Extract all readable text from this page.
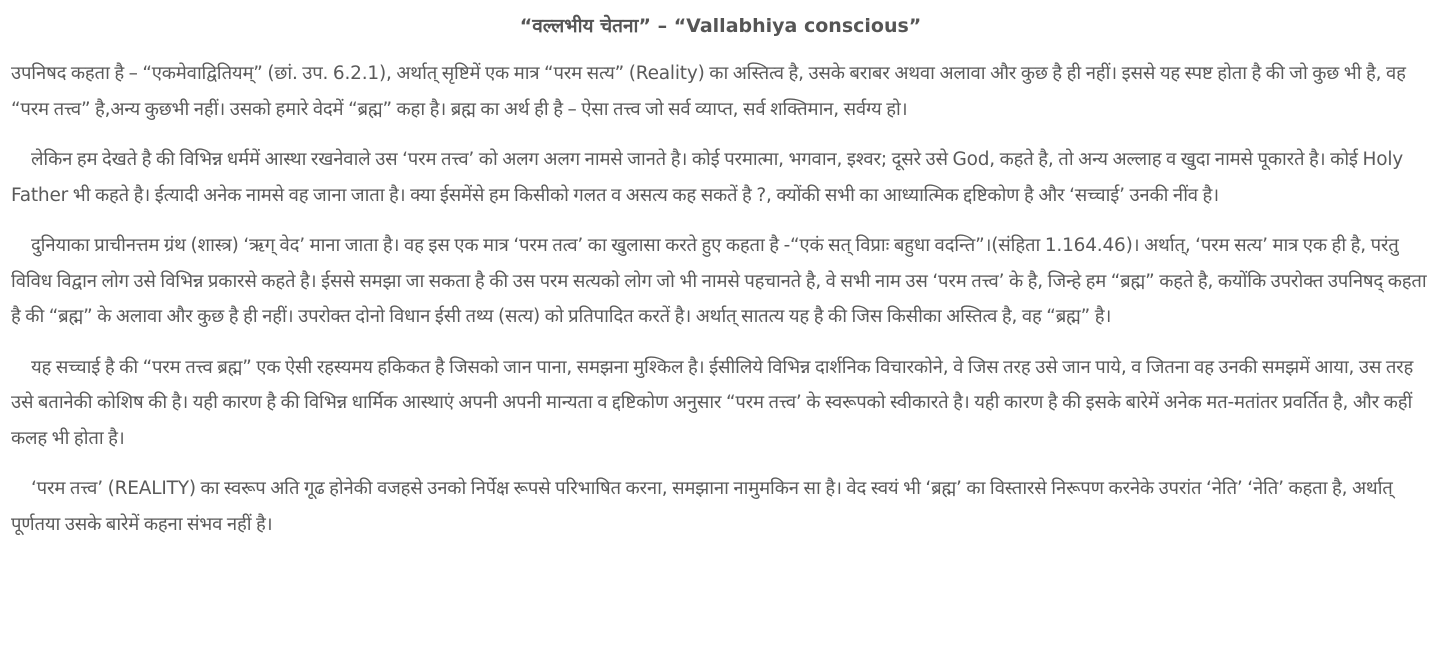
“वल्लभीय चेतना” – “Vallabhiya conscious”

उपनिषद कहता है – “एकमेवाद्वितियम्” (छां. उप. 6.2.1), अर्थात् सृष्टिमें एक मात्र “परम सत्य” (Reality) का अस्तित्व है, उसके बराबर अथवा अलावा और कुछ है ही नहीं। इससे यह स्पष्ट होता है की जो कुछ भी है, वह “परम तत्त्व” है,अन्य कुछभी नहीं। उसको हमारे वेदमें “ब्रह्म” कहा है। ब्रह्म का अर्थ ही है – ऐसा तत्त्व जो सर्व व्याप्त, सर्व शक्तिमान, सर्वग्य हो।

लेकिन हम देखते है की विभिन्न धर्ममें आस्था रखनेवाले उस ‘परम तत्त्व’ को अलग अलग नामसे जानते है। कोई परमात्मा, भगवान, इश्वर; दूसरे उसे God, कहते है, तो अन्य अल्लाह व खुदा नामसे पूकारते है। कोई Holy Father भी कहते है। ईत्यादी अनेक नामसे वह जाना जाता है। क्या ईसमेंसे हम किसीको गलत व असत्य कह सकतें है ?, क्योंकी सभी का आध्यात्मिक द्दष्टिकोण है और ‘सच्चाई’ उनकी नींव है।

दुनियाका प्राचीनत्तम ग्रंथ (शास्त्र) ‘ऋग् वेद’ माना जाता है। वह इस एक मात्र ‘परम तत्व’ का खुलासा करते हुए कहता है -“एकं सत् विप्राः बहुधा वदन्ति”।(संहिता 1.164.46)। अर्थात्, ‘परम सत्य’ मात्र एक ही है, परंतु विविध विद्वान लोग उसे विभिन्न प्रकारसे कहते है। ईससे समझा जा सकता है की उस परम सत्यको लोग जो भी नामसे पहचानते है, वे सभी नाम उस ‘परम तत्त्व’ के है, जिन्हे हम “ब्रह्म” कहते है, कयोंकि उपरोक्त उपनिषद् कहता है की “ब्रह्म” के अलावा और कुछ है ही नहीं। उपरोक्त दोनो विधान ईसी तथ्य (सत्य) को प्रतिपादित करतें है। अर्थात् सातत्य यह है की जिस किसीका अस्तित्व है, वह “ब्रह्म” है।

यह सच्चाई है की “परम तत्त्व ब्रह्म” एक ऐसी रहस्यमय हकिकत है जिसको जान पाना, समझना मुश्किल है। ईसीलिये विभिन्न दार्शनिक विचारकोने, वे जिस तरह उसे जान पाये, व जितना वह उनकी समझमें आया, उस तरह उसे बतानेकी कोशिष की है। यही कारण है की विभिन्न धार्मिक आस्थाएं अपनी अपनी मान्यता व द्दष्टिकोण अनुसार “परम तत्त्व’ के स्वरूपको स्वीकारते है। यही कारण है की इसके बारेमें अनेक मत-मतांतर प्रवर्तित है, और कहीं कलह भी होता है।

‘परम तत्त्व’ (REALITY) का स्वरूप अति गूढ होनेकी वजहसे उनको निर्पेक्ष रूपसे परिभाषित करना, समझाना नामुमकिन सा है। वेद स्वयं भी ‘ब्रह्म’ का विस्तारसे निरूपण करनेके उपरांत ‘नेति’ ‘नेति’ कहता है, अर्थात् पूर्णतया उसके बारेमें कहना संभव नहीं है।
